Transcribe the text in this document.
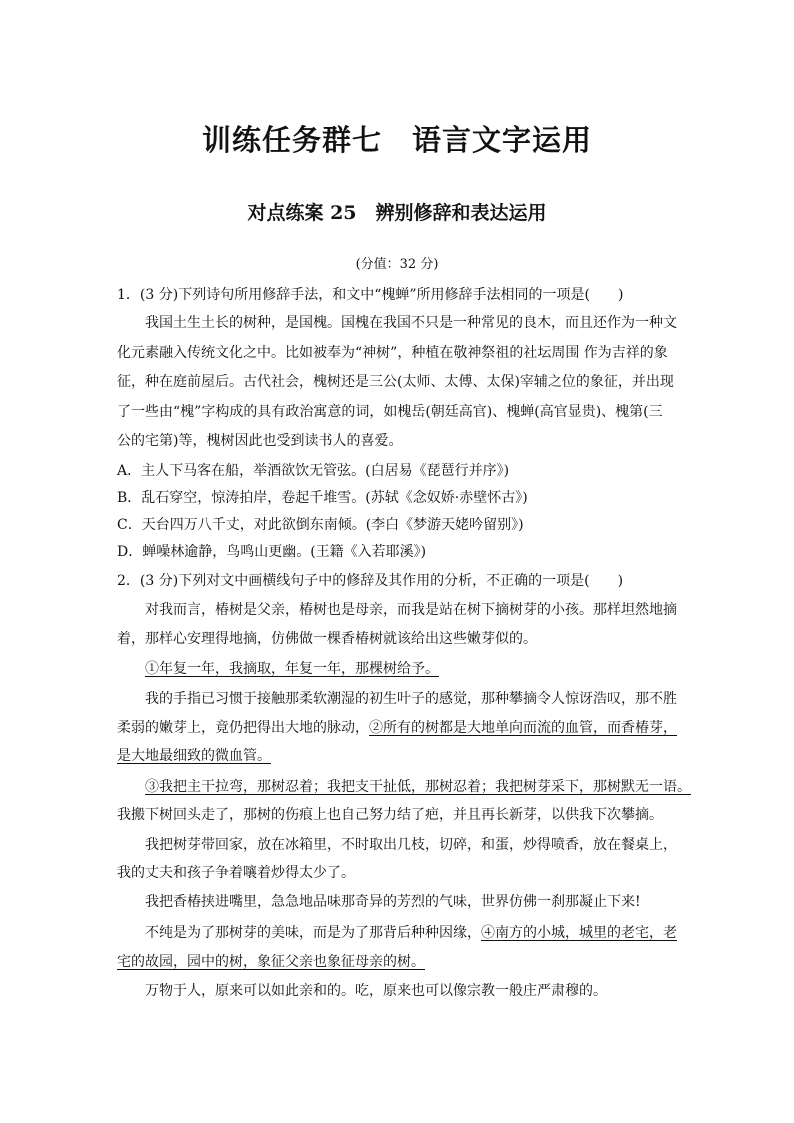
训练任务群七　语言文字运用
对点练案 25　辨别修辞和表达运用
(分值：32 分)
1．(3 分)下列诗句所用修辞手法，和文中“槐蝉”所用修辞手法相同的一项是(　　)
我国土生土长的树种，是国槐。国槐在我国不只是一种常见的良木，而且还作为一种文
化元素融入传统文化之中。比如被奉为“神树”，种植在敬神祭祖的社坛周围 作为吉祥的象
征，种在庭前屋后。古代社会，槐树还是三公(太师、太傅、太保)宰辅之位的象征，并出现
了一些由“槐”字构成的具有政治寓意的词，如槐岳(朝廷高官)、槐蝉(高官显贵)、槐第(三
公的宅第)等，槐树因此也受到读书人的喜爱。
A．主人下马客在船，举酒欲饮无管弦。(白居易《琵琶行并序》)
B．乱石穿空，惊涛拍岸，卷起千堆雪。(苏轼《念奴娇·赤壁怀古》)
C．天台四万八千丈，对此欲倒东南倾。(李白《梦游天姥吟留别》)
D．蝉噪林逾静，鸟鸣山更幽。(王籍《入若耶溪》)
2．(3 分)下列对文中画横线句子中的修辞及其作用的分析，不正确的一项是(　　)
对我而言，椿树是父亲，椿树也是母亲，而我是站在树下摘树芽的小孩。那样坦然地摘
着，那样心安理得地摘，仿佛做一棵香椿树就该给出这些嫩芽似的。
①年复一年，我摘取，年复一年，那棵树给予。
我的手指已习惯于接触那柔软潮湿的初生叶子的感觉，那种攀摘令人惊讶浩叹，那不胜
柔弱的嫩芽上，竟仍把得出大地的脉动，②所有的树都是大地单向而流的血管，而香椿芽，
是大地最细致的微血管。
③我把主干拉弯，那树忍着；我把支干扯低，那树忍着；我把树芽采下，那树默无一语。
我搬下树回头走了，那树的伤痕上也自己努力结了疤，并且再长新芽，以供我下次攀摘。
我把树芽带回家，放在冰箱里，不时取出几枝，切碎，和蛋，炒得喷香，放在餐桌上，
我的丈夫和孩子争着嚷着炒得太少了。
我把香椿挟进嘴里，急急地品味那奇异的芳烈的气味，世界仿佛一刹那凝止下来!
不纯是为了那树芽的美味，而是为了那背后种种因缘，④南方的小城，城里的老宅，老
宅的故园，园中的树，象征父亲也象征母亲的树。
万物于人，原来可以如此亲和的。吃，原来也可以像宗教一般庄严肃穆的。
